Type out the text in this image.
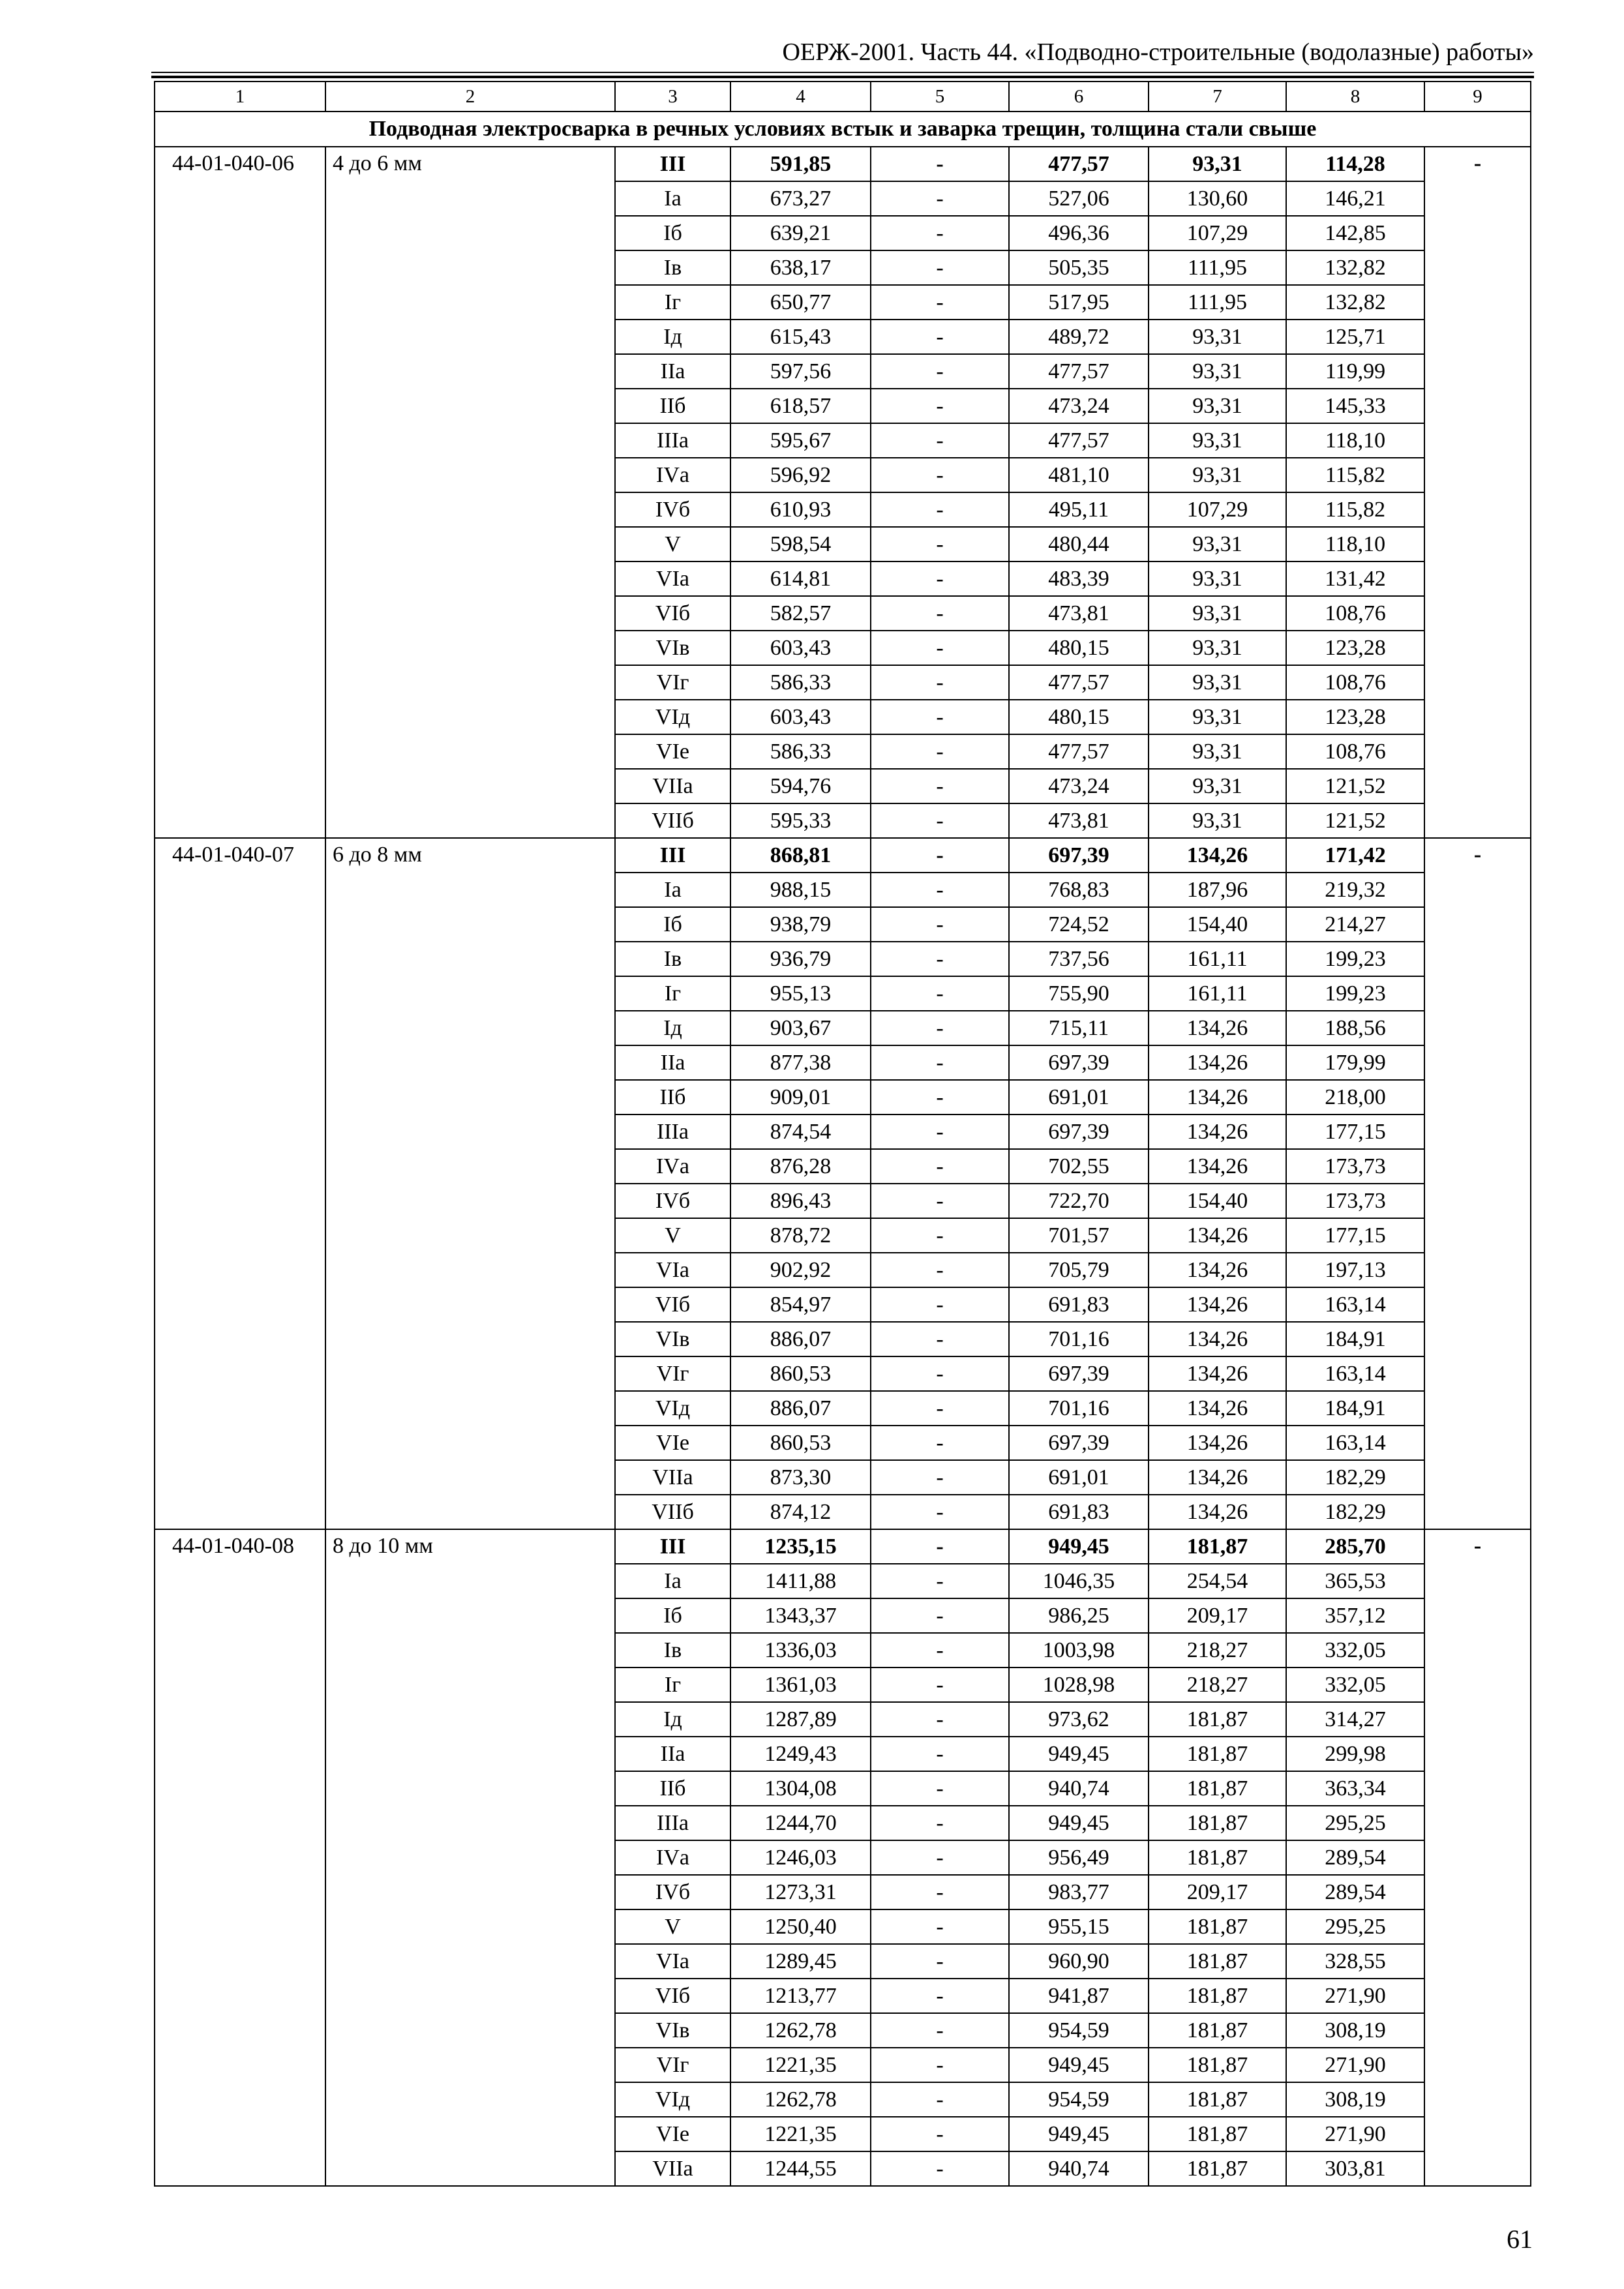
ОЕРЖ-2001. Часть 44. «Подводно-строительные (водолазные) работы»
1	2	3	4	5	6	7	8	9
Подводная электросварка в речных условиях встык и заварка трещин, толщина стали свыше								
44-01-040-06	4 до 6 мм	III	591,85	-	477,57	93,31	114,28	-
		Iа	673,27	-	527,06	130,60	146,21	
		Iб	639,21	-	496,36	107,29	142,85	
		Iв	638,17	-	505,35	111,95	132,82	
		Iг	650,77	-	517,95	111,95	132,82	
		Iд	615,43	-	489,72	93,31	125,71	
		IIа	597,56	-	477,57	93,31	119,99	
		IIб	618,57	-	473,24	93,31	145,33	
		IIIа	595,67	-	477,57	93,31	118,10	
		IVа	596,92	-	481,10	93,31	115,82	
		IVб	610,93	-	495,11	107,29	115,82	
		V	598,54	-	480,44	93,31	118,10	
		VIа	614,81	-	483,39	93,31	131,42	
		VIб	582,57	-	473,81	93,31	108,76	
		VIв	603,43	-	480,15	93,31	123,28	
		VIг	586,33	-	477,57	93,31	108,76	
		VIд	603,43	-	480,15	93,31	123,28	
		VIе	586,33	-	477,57	93,31	108,76	
		VIIа	594,76	-	473,24	93,31	121,52	
		VIIб	595,33	-	473,81	93,31	121,52	
44-01-040-07	6 до 8 мм	III	868,81	-	697,39	134,26	171,42	-
		Iа	988,15	-	768,83	187,96	219,32	
		Iб	938,79	-	724,52	154,40	214,27	
		Iв	936,79	-	737,56	161,11	199,23	
		Iг	955,13	-	755,90	161,11	199,23	
		Iд	903,67	-	715,11	134,26	188,56	
		IIа	877,38	-	697,39	134,26	179,99	
		IIб	909,01	-	691,01	134,26	218,00	
		IIIа	874,54	-	697,39	134,26	177,15	
		IVа	876,28	-	702,55	134,26	173,73	
		IVб	896,43	-	722,70	154,40	173,73	
		V	878,72	-	701,57	134,26	177,15	
		VIа	902,92	-	705,79	134,26	197,13	
		VIб	854,97	-	691,83	134,26	163,14	
		VIв	886,07	-	701,16	134,26	184,91	
		VIг	860,53	-	697,39	134,26	163,14	
		VIд	886,07	-	701,16	134,26	184,91	
		VIе	860,53	-	697,39	134,26	163,14	
		VIIа	873,30	-	691,01	134,26	182,29	
		VIIб	874,12	-	691,83	134,26	182,29	
44-01-040-08	8 до 10 мм	III	1235,15	-	949,45	181,87	285,70	-
		Iа	1411,88	-	1046,35	254,54	365,53	
		Iб	1343,37	-	986,25	209,17	357,12	
		Iв	1336,03	-	1003,98	218,27	332,05	
		Iг	1361,03	-	1028,98	218,27	332,05	
		Iд	1287,89	-	973,62	181,87	314,27	
		IIа	1249,43	-	949,45	181,87	299,98	
		IIб	1304,08	-	940,74	181,87	363,34	
		IIIа	1244,70	-	949,45	181,87	295,25	
		IVа	1246,03	-	956,49	181,87	289,54	
		IVб	1273,31	-	983,77	209,17	289,54	
		V	1250,40	-	955,15	181,87	295,25	
		VIа	1289,45	-	960,90	181,87	328,55	
		VIб	1213,77	-	941,87	181,87	271,90	
		VIв	1262,78	-	954,59	181,87	308,19	
		VIг	1221,35	-	949,45	181,87	271,90	
		VIд	1262,78	-	954,59	181,87	308,19	
		VIе	1221,35	-	949,45	181,87	271,90	
		VIIа	1244,55	-	940,74	181,87	303,81	
61
